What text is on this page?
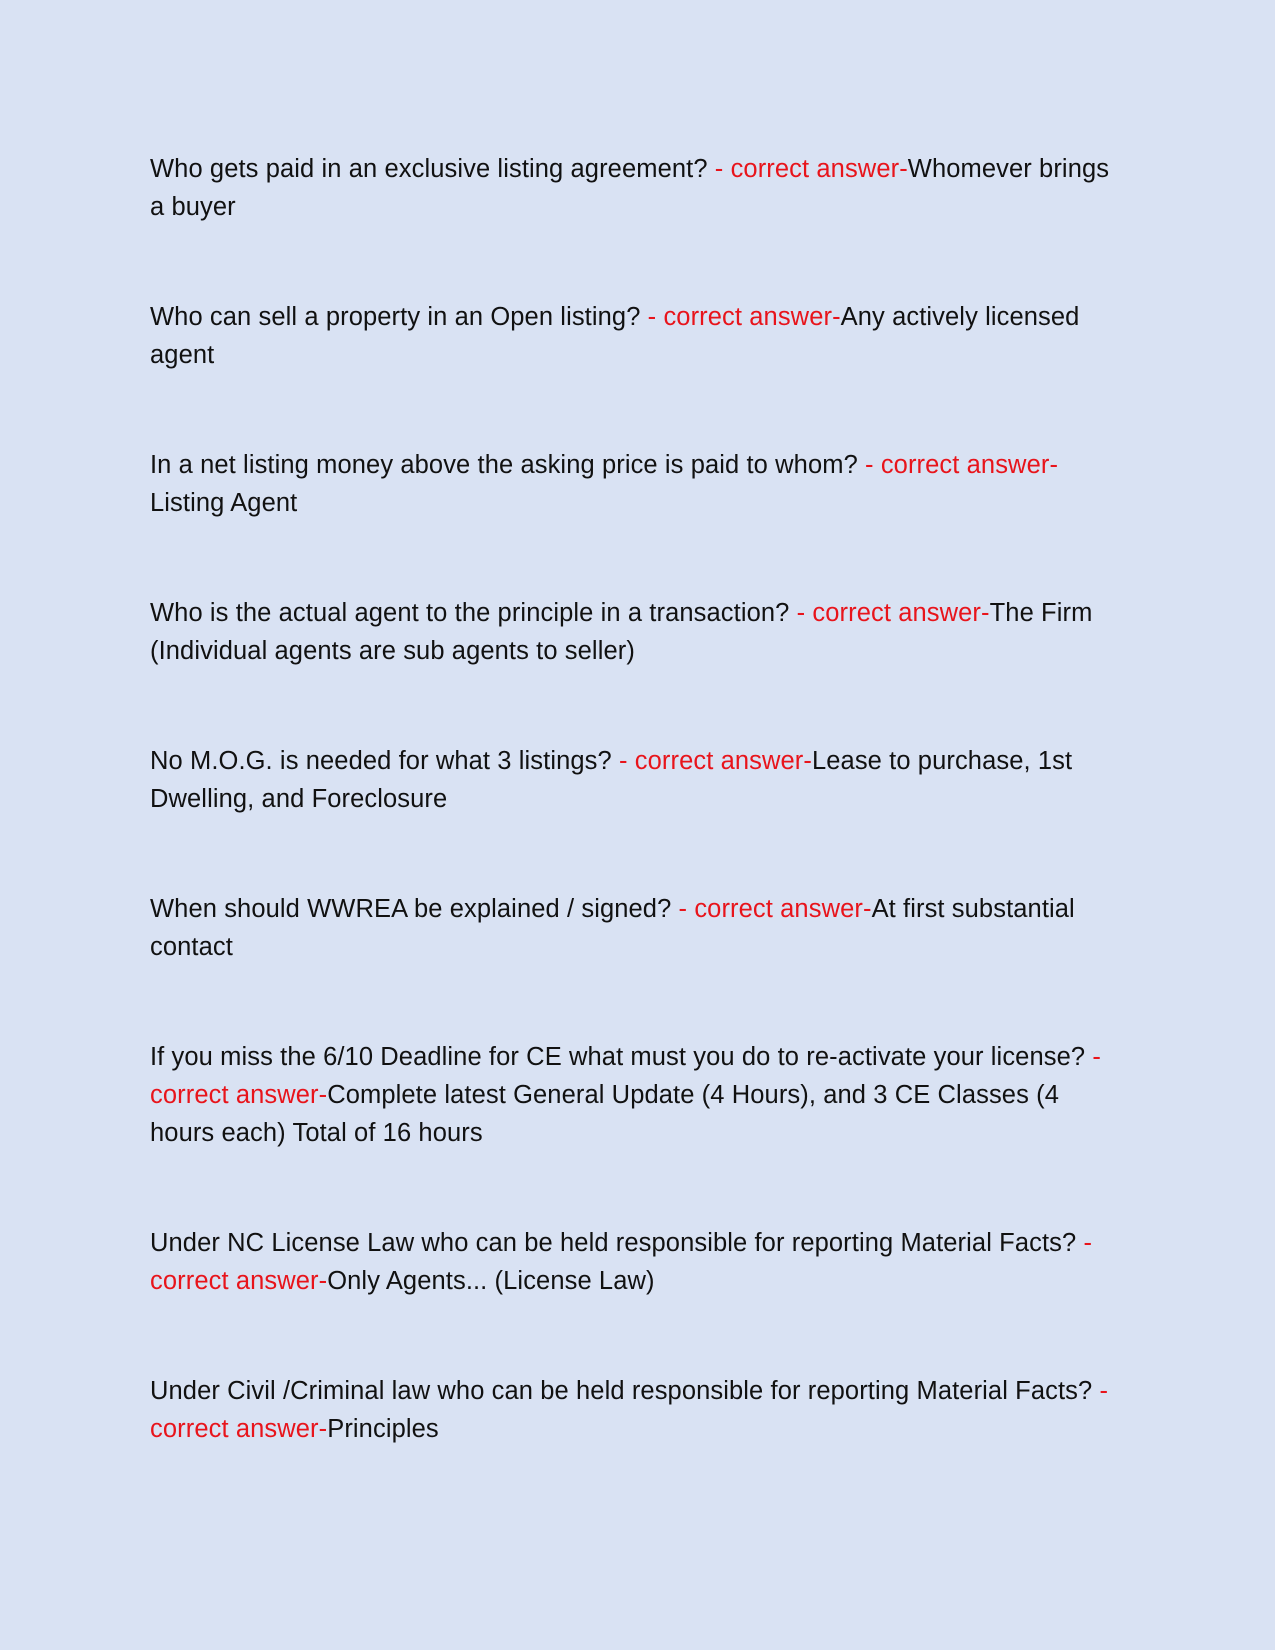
Who gets paid in an exclusive listing agreement? - correct answer-Whomever brings a buyer

Who can sell a property in an Open listing? - correct answer-Any actively licensed agent

In a net listing money above the asking price is paid to whom? - correct answer-Listing Agent

Who is the actual agent to the principle in a transaction? - correct answer-The Firm (Individual agents are sub agents to seller)

No M.O.G. is needed for what 3 listings? - correct answer-Lease to purchase, 1st Dwelling, and Foreclosure

When should WWREA be explained / signed? - correct answer-At first substantial contact

If you miss the 6/10 Deadline for CE what must you do to re-activate your license? - correct answer-Complete latest General Update (4 Hours), and 3 CE Classes (4 hours each) Total of 16 hours

Under NC License Law who can be held responsible for reporting Material Facts? - correct answer-Only Agents... (License Law)

Under Civil /Criminal law who can be held responsible for reporting Material Facts? - correct answer-Principles
